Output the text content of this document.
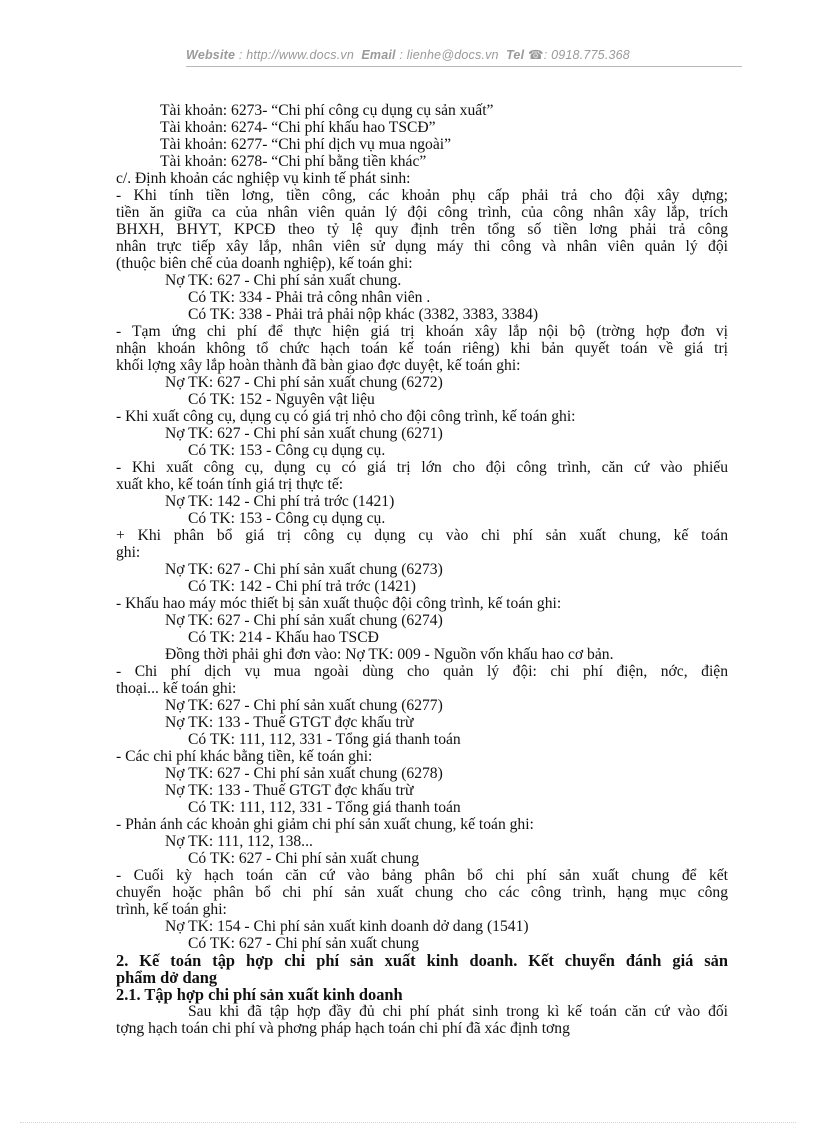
Website : http://www.docs.vn Email : lienhe@docs.vn Tel ☎: 0918.775.368
Tài khoản: 6273- “Chi phí công cụ dụng cụ sản xuất”
Tài khoản: 6274- “Chi phí khấu hao TSCĐ”
Tài khoản: 6277- “Chi phí dịch vụ mua ngoài”
Tài khoản: 6278- “Chi phí bằng tiền khác”
c/. Định khoản các nghiệp vụ kinh tế phát sinh:
- Khi tính tiền lơng, tiền công, các khoản phụ cấp phải trả cho đội xây dựng;
tiền ăn giữa ca của nhân viên quản lý đội công trình, của công nhân xây lắp, trích
BHXH, BHYT, KPCĐ theo tỷ lệ quy định trên tổng số tiền lơng phải trả công
nhân trực tiếp xây lắp, nhân viên sử dụng máy thi công và nhân viên quản lý đội
(thuộc biên chế của doanh nghiệp), kế toán ghi:
Nợ TK: 627 - Chi phí sản xuất chung.
Có TK: 334 - Phải trả công nhân viên .
Có TK: 338 - Phải trả phải nộp khác (3382, 3383, 3384)
- Tạm ứng chi phí để thực hiện giá trị khoán xây lắp nội bộ (trờng hợp đơn vị
nhận khoán không tổ chức hạch toán kế toán riêng) khi bản quyết toán về giá trị
khối lợng xây lắp hoàn thành đã bàn giao đợc duyệt, kế toán ghi:
Nợ TK: 627 - Chi phí sản xuất chung (6272)
Có TK: 152 - Nguyên vật liệu
- Khi xuất công cụ, dụng cụ có giá trị nhỏ cho đội công trình, kế toán ghi:
Nợ TK: 627 - Chi phí sản xuất chung (6271)
Có TK: 153 - Công cụ dụng cụ.
- Khi xuất công cụ, dụng cụ có giá trị lớn cho đội công trình, căn cứ vào phiếu
xuất kho, kế toán tính giá trị thực tế:
Nợ TK: 142 - Chi phí trả trớc (1421)
Có TK: 153 - Công cụ dụng cụ.
+ Khi phân bổ giá trị công cụ dụng cụ vào chi phí sản xuất chung, kế toán
ghi:
Nợ TK: 627 - Chi phí sản xuất chung (6273)
Có TK: 142 - Chi phí trả trớc (1421)
- Khấu hao máy móc thiết bị sản xuất thuộc đội công trình, kế toán ghi:
Nợ TK: 627 - Chi phí sản xuất chung (6274)
Có TK: 214 - Khấu hao TSCĐ
Đồng thời phải ghi đơn vào: Nợ TK: 009 - Nguồn vốn khấu hao cơ bản.
- Chi phí dịch vụ mua ngoài dùng cho quản lý đội: chi phí điện, nớc, điện
thoại... kế toán ghi:
Nợ TK: 627 - Chi phí sản xuất chung (6277)
Nợ TK: 133 - Thuế GTGT đợc khấu trừ
Có TK: 111, 112, 331 - Tổng giá thanh toán
- Các chi phí khác bằng tiền, kế toán ghi:
Nợ TK: 627 - Chi phí sản xuất chung (6278)
Nợ TK: 133 - Thuế GTGT đợc khấu trừ
Có TK: 111, 112, 331 - Tổng giá thanh toán
- Phản ánh các khoản ghi giảm chi phí sản xuất chung, kế toán ghi:
Nợ TK: 111, 112, 138...
Có TK: 627 - Chi phí sản xuất chung
- Cuối kỳ hạch toán căn cứ vào bảng phân bổ chi phí sản xuất chung để kết
chuyển hoặc phân bổ chi phí sản xuất chung cho các công trình, hạng mục công
trình, kế toán ghi:
Nợ TK: 154 - Chi phí sản xuất kinh doanh dở dang (1541)
Có TK: 627 - Chi phí sản xuất chung
2. Kế toán tập hợp chi phí sản xuất kinh doanh. Kết chuyển đánh giá sản
phẩm dở dang
2.1. Tập hợp chi phí sản xuất kinh doanh
Sau khi đã tập hợp đầy đủ chi phí phát sinh trong kì kế toán căn cứ vào đối
tợng hạch toán chi phí và phơng pháp hạch toán chi phí đã xác định tơng
